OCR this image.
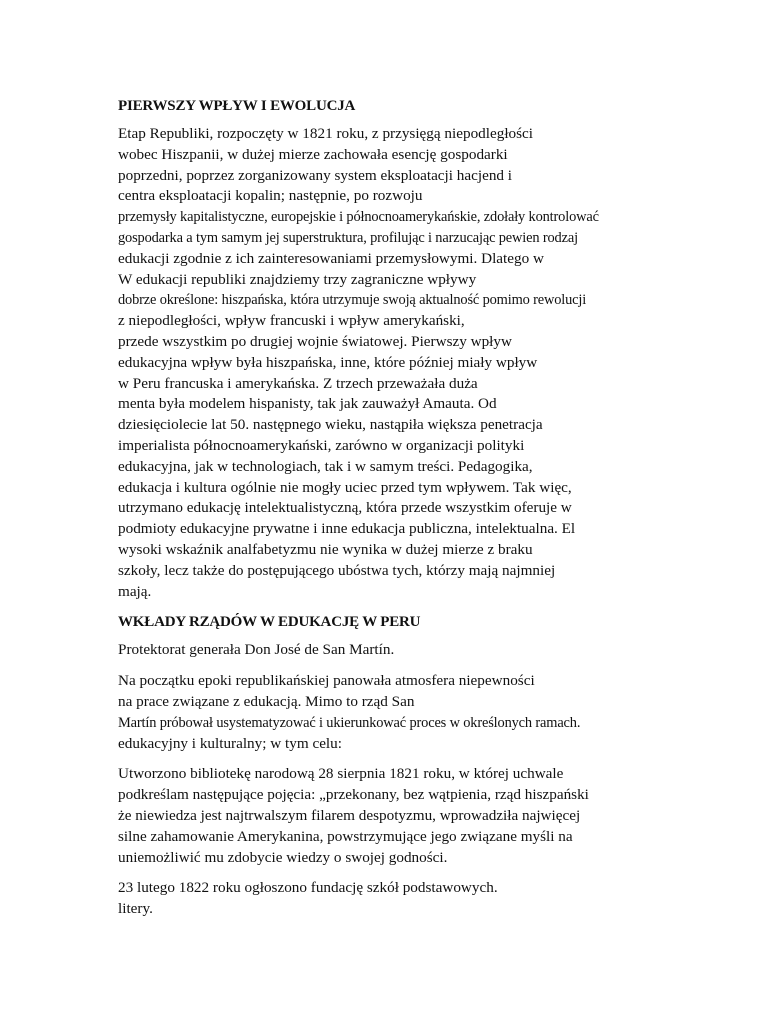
PIERWSZY WPŁYW I EWOLUCJA
Etap Republiki, rozpoczęty w 1821 roku, z przysięgą niepodległości
wobec Hiszpanii, w dużej mierze zachowała esencję gospodarki
poprzedni, poprzez zorganizowany system eksploatacji hacjend i
centra eksploatacji kopalin; następnie, po rozwoju
przemysły kapitalistyczne, europejskie i północnoamerykańskie, zdołały kontrolować
gospodarka a tym samym jej superstruktura, profilując i narzucając pewien rodzaj
edukacji zgodnie z ich zainteresowaniami przemysłowymi. Dlatego w
W edukacji republiki znajdziemy trzy zagraniczne wpływy
dobrze określone: hiszpańska, która utrzymuje swoją aktualność pomimo rewolucji
z niepodległości, wpływ francuski i wpływ amerykański,
przede wszystkim po drugiej wojnie światowej. Pierwszy wpływ
edukacyjna wpływ była hiszpańska, inne, które później miały wpływ
w Peru francuska i amerykańska. Z trzech przeważała duża
menta była modelem hispanisty, tak jak zauważył Amauta. Od
dziesięciolecie lat 50. następnego wieku, nastąpiła większa penetracja
imperialista północnoamerykański, zarówno w organizacji polityki
edukacyjna, jak w technologiach, tak i w samym treści. Pedagogika,
edukacja i kultura ogólnie nie mogły uciec przed tym wpływem. Tak więc,
utrzymano edukację intelektualistyczną, która przede wszystkim oferuje w
podmioty edukacyjne prywatne i inne edukacja publiczna, intelektualna. El
wysoki wskaźnik analfabetyzmu nie wynika w dużej mierze z braku
szkoły, lecz także do postępującego ubóstwa tych, którzy mają najmniej
mają.
WKŁADY RZĄDÓW W EDUKACJĘ W PERU
Protektorat generała Don José de San Martín.
Na początku epoki republikańskiej panowała atmosfera niepewności
na prace związane z edukacją. Mimo to rząd San
Martín próbował usystematyzować i ukierunkować proces w określonych ramach.
edukacyjny i kulturalny; w tym celu:
Utworzono bibliotekę narodową 28 sierpnia 1821 roku, w której uchwale
podkreślam następujące pojęcia: „przekonany, bez wątpienia, rząd hiszpański
że niewiedza jest najtrwalszym filarem despotyzmu, wprowadziła najwięcej
silne zahamowanie Amerykanina, powstrzymujące jego związane myśli na
uniemożliwić mu zdobycie wiedzy o swojej godności.
23 lutego 1822 roku ogłoszono fundację szkół podstawowych.
litery.
